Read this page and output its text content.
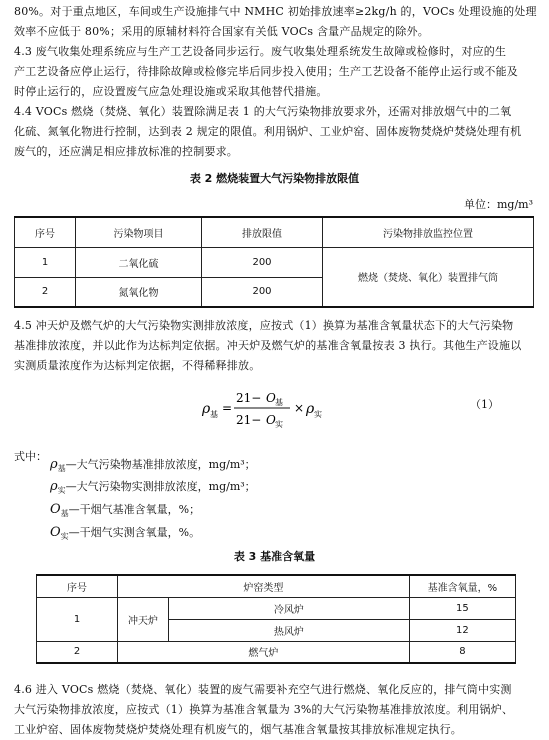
80%。对于重点地区，车间或生产设施排气中 NMHC 初始排放速率≥2kg/h 的，VOCs 处理设施的处理
效率不应低于 80%；采用的原辅材料符合国家有关低 VOCs 含量产品规定的除外。

4.3 废气收集处理系统应与生产工艺设备同步运行。废气收集处理系统发生故障或检修时，对应的生
产工艺设备应停止运行，待排除故障或检修完毕后同步投入使用；生产工艺设备不能停止运行或不能及
时停止运行的，应设置废气应急处理设施或采取其他替代措施。

4.4 VOCs 燃烧（焚烧、氧化）装置除满足表 1 的大气污染物排放要求外，还需对排放烟气中的二氧
化硫、氮氧化物进行控制，达到表 2 规定的限值。利用锅炉、工业炉窑、固体废物焚烧炉焚烧处理有机
废气的，还应满足相应排放标准的控制要求。

表 2 燃烧装置大气污染物排放限值
单位：mg/m³
序号	污染物项目	排放限值	污染物排放监控位置
1	二氧化硫	200	燃烧（焚烧、氧化）装置排气筒
2	氮氧化物	200	

4.5 冲天炉及燃气炉的大气污染物实测排放浓度，应按式（1）换算为基准含氧量状态下的大气污染物
基准排放浓度，并以此作为达标判定依据。冲天炉及燃气炉的基准含氧量按表 3 执行。其他生产设施以
实测质量浓度作为达标判定依据，不得稀释排放。

ρ 基 =
21− O 基
21− O 实
× ρ 实
（1）
式中：
$\rho_基—$大气污染物基准排放浓度，mg/m³；
$\rho_实—$大气污染物实测排放浓度，mg/m³；
$O_基—$干烟气基准含氧量，%；
$O_实—$干烟气实测含氧量，%。
表 3 基准含氧量
序号	炉窑类型		基准含氧量，%
1	冲天炉	冷风炉	15
		热风炉	12
2	燃气炉		8

4.6 进入 VOCs 燃烧（焚烧、氧化）装置的废气需要补充空气进行燃烧、氧化反应的，排气筒中实测
大气污染物排放浓度，应按式（1）换算为基准含氧量为 3%的大气污染物基准排放浓度。利用锅炉、
工业炉窑、固体废物焚烧炉焚烧处理有机废气的，烟气基准含氧量按其排放标准规定执行。
